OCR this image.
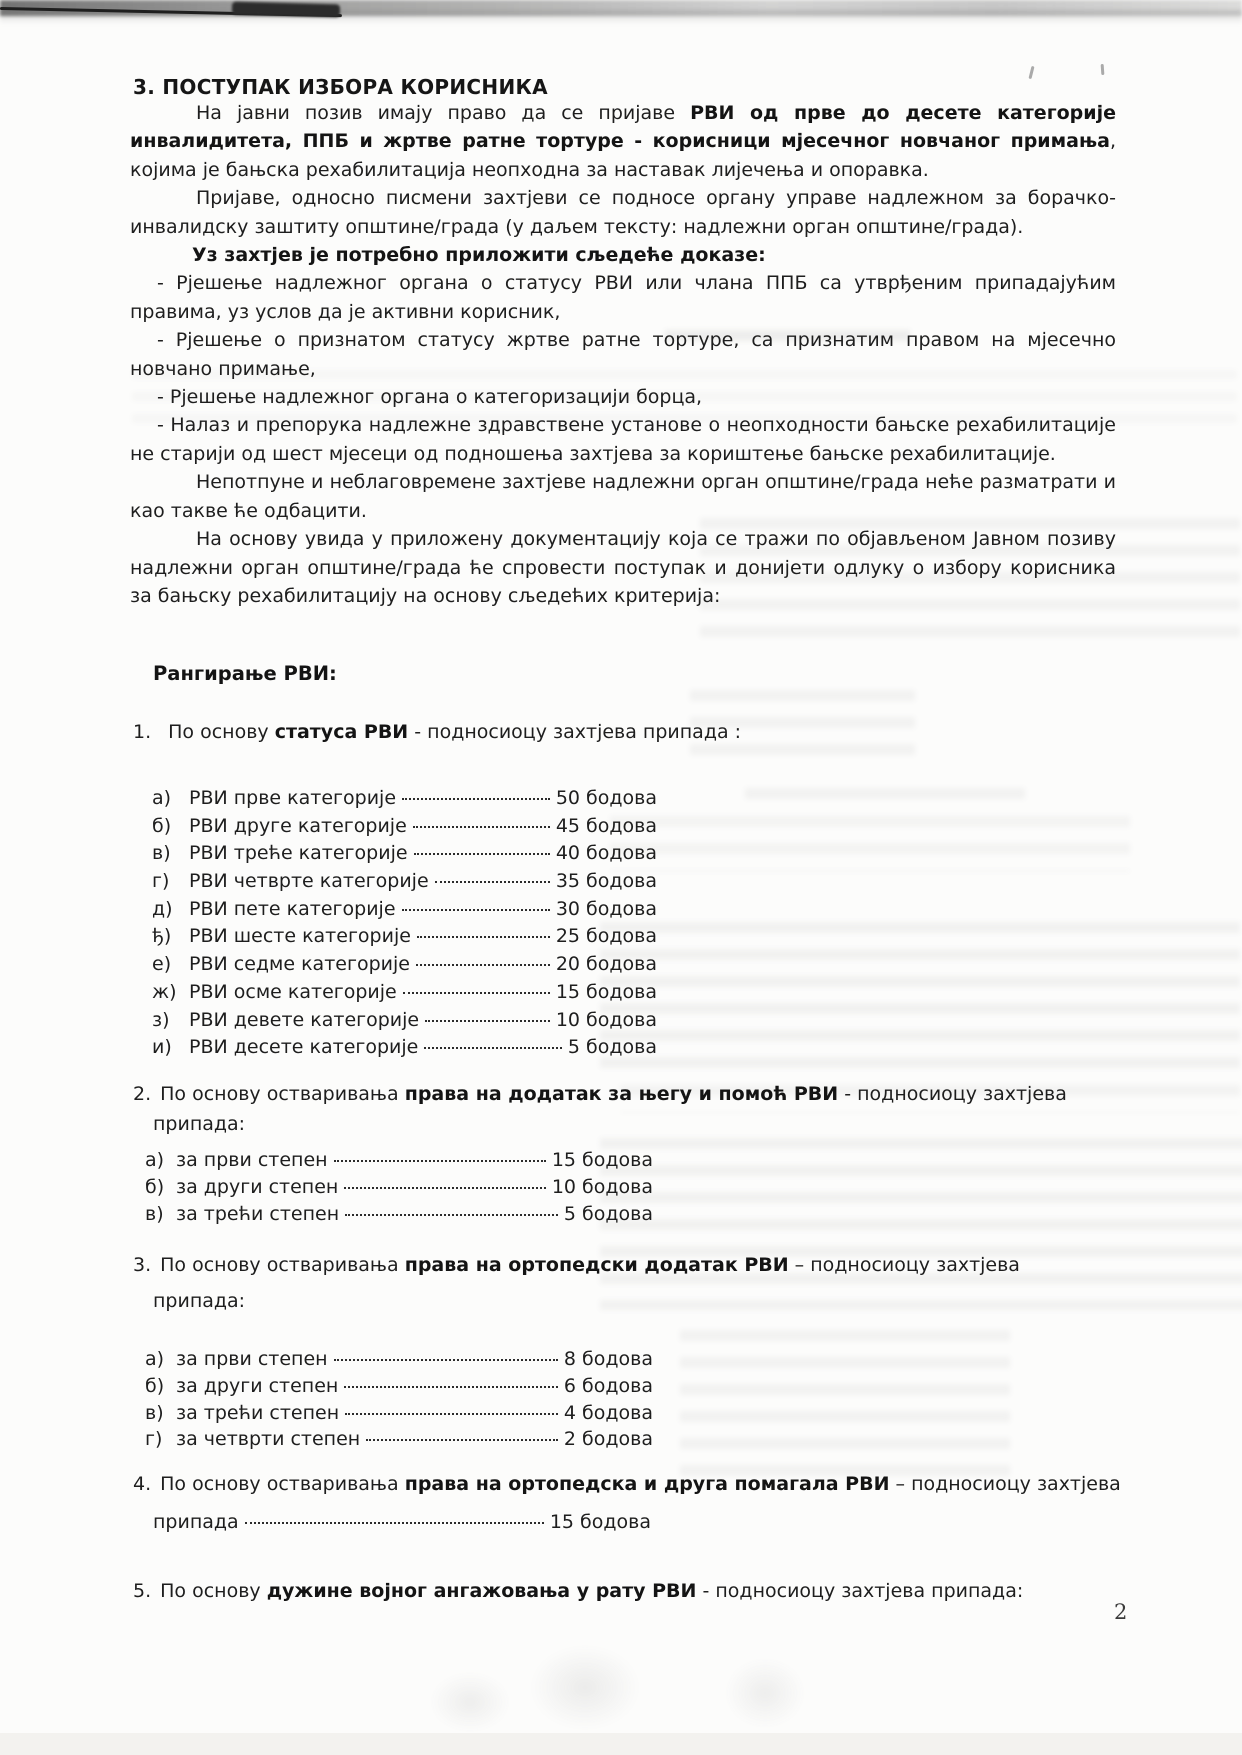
3. ПОСТУПАК ИЗБОРА КОРИСНИКА

На јавни позив имају право да се пријаве РВИ од прве до десете категорије инвалидитета, ППБ и жртве ратне тортуре - корисници мјесечног новчаног примања, којима је бањска рехабилитација неопходна за наставак лијечења и опоравка.

Пријаве, односно писмени захтјеви се подносе органу управе надлежном за борачко-инвалидску заштиту општине/града (у даљем тексту: надлежни орган општине/града).

Уз захтјев је потребно приложити сљедеће доказе:

- Рјешење надлежног органа о статусу РВИ или члана ППБ са утврђеним припадајућим правима, уз услов да је активни корисник,

- Рјешење о признатом статусу жртве ратне тортуре, са признатим правом на мјесечно новчано примање,

- Рјешење надлежног органа о категоризацији борца,

- Налаз и препорука надлежне здравствене установе о неопходности бањске рехабилитације не старији од шест мјесеци од подношења захтјева за кориштење бањске рехабилитације.

Непотпуне и неблаговремене захтјеве надлежни орган општине/града неће разматрати и као такве ће одбацити.

На основу увида у приложену документацију која се тражи по објављеном Јавном позиву надлежни орган општине/града ће спровести поступак и донијети одлуку о избору корисника за бањску рехабилитацију на основу сљедећих критерија:

Рангирање РВИ:
1. По основу статуса РВИ - подносиоцу захтјева припада :
а) РВИ прве категорије	50 бодова
б) РВИ друге категорије	45 бодова
в) РВИ треће категорије	40 бодова
г)	РВИ четврте категорије	35 бодова
д) РВИ пете категорије	30 бодова
ђ) РВИ шесте категорије	25 бодова
е) РВИ седме категорије	20 бодова
ж) РВИ осме категорије	15 бодова
з)	РВИ девете категорије	10 бодова
и) РВИ десете категорије	5 бодова
2. По основу остваривања права на додатак за његу и помоћ РВИ - подносиоцу захтјева
припада:
а) за први степен	15 бодова
б) за други степен	10 бодова
в) за трећи степен	5 бодова
3. По основу остваривања права на ортопедски додатак РВИ – подносиоцу захтјева
припада:
а) за први степен	8 бодова
б) за други степен	6 бодова
в) за трећи степен	4 бодова
г) за четврти степен	2 бодова
4. По основу остваривања права на ортопедска и друга помагала РВИ – подносиоцу захтјева
припада	15 бодова
5. По основу дужине војног ангажовања у рату РВИ - подносиоцу захтјева припада:
2
